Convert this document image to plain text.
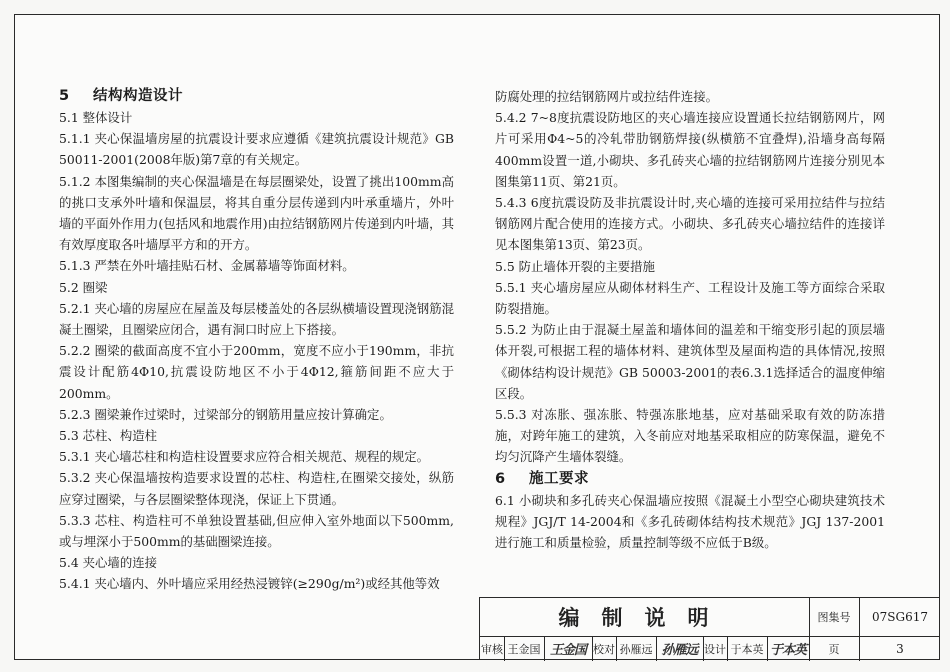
5 结构构造设计

5.1 整体设计

5.1.1 夹心保温墙房屋的抗震设计要求应遵循《建筑抗震设计规范》GB 50011-2001(2008年版)第7章的有关规定。

5.1.2 本图集编制的夹心保温墙是在每层圈梁处，设置了挑出100mm高的挑口支承外叶墙和保温层，将其自重分层传递到内叶承重墙片，外叶墙的平面外作用力(包括风和地震作用)由拉结钢筋网片传递到内叶墙，其有效厚度取各叶墙厚平方和的开方。

5.1.3 严禁在外叶墙挂贴石材、金属幕墙等饰面材料。

5.2 圈梁

5.2.1 夹心墙的房屋应在屋盖及每层楼盖处的各层纵横墙设置现浇钢筋混凝土圈梁，且圈梁应闭合，遇有洞口时应上下搭接。

5.2.2 圈梁的截面高度不宜小于200mm，宽度不应小于190mm，非抗震设计配筋4Φ10,抗震设防地区不小于4Φ12,箍筋间距不应大于200mm。

5.2.3 圈梁兼作过梁时，过梁部分的钢筋用量应按计算确定。

5.3 芯柱、构造柱

5.3.1 夹心墙芯柱和构造柱设置要求应符合相关规范、规程的规定。

5.3.2 夹心保温墙按构造要求设置的芯柱、构造柱,在圈梁交接处，纵筋应穿过圈梁，与各层圈梁整体现浇，保证上下贯通。

5.3.3 芯柱、构造柱可不单独设置基础,但应伸入室外地面以下500mm,或与埋深小于500mm的基础圈梁连接。

5.4 夹心墙的连接

5.4.1 夹心墙内、外叶墙应采用经热浸镀锌(≥290g/m²)或经其他等效

防腐处理的拉结钢筋网片或拉结件连接。

5.4.2 7~8度抗震设防地区的夹心墙连接应设置通长拉结钢筋网片，网片可采用Φ4~5的冷轧带肋钢筋焊接(纵横筋不宜叠焊),沿墙身高每隔400mm设置一道,小砌块、多孔砖夹心墙的拉结钢筋网片连接分别见本图集第11页、第21页。

5.4.3 6度抗震设防及非抗震设计时,夹心墙的连接可采用拉结件与拉结钢筋网片配合使用的连接方式。小砌块、多孔砖夹心墙拉结件的连接详见本图集第13页、第23页。

5.5 防止墙体开裂的主要措施

5.5.1 夹心墙房屋应从砌体材料生产、工程设计及施工等方面综合采取防裂措施。

5.5.2 为防止由于混凝土屋盖和墙体间的温差和干缩变形引起的顶层墙体开裂,可根据工程的墙体材料、建筑体型及屋面构造的具体情况,按照《砌体结构设计规范》GB 50003-2001的表6.3.1选择适合的温度伸缩区段。

5.5.3 对冻胀、强冻胀、特强冻胀地基，应对基础采取有效的防冻措施，对跨年施工的建筑，入冬前应对地基采取相应的防寒保温，避免不均匀沉降产生墙体裂缝。

6 施工要求

6.1 小砌块和多孔砖夹心保温墙应按照《混凝土小型空心砌块建筑技术规程》JGJ/T 14-2004和《多孔砖砌体结构技术规范》JGJ 137-2001进行施工和质量检验，质量控制等级不应低于B级。

编制说明	图集号	07SG617
审核 王金国 王金国 校对 孙雁远 孙雁远 设计 于本英 于本英	页	3
